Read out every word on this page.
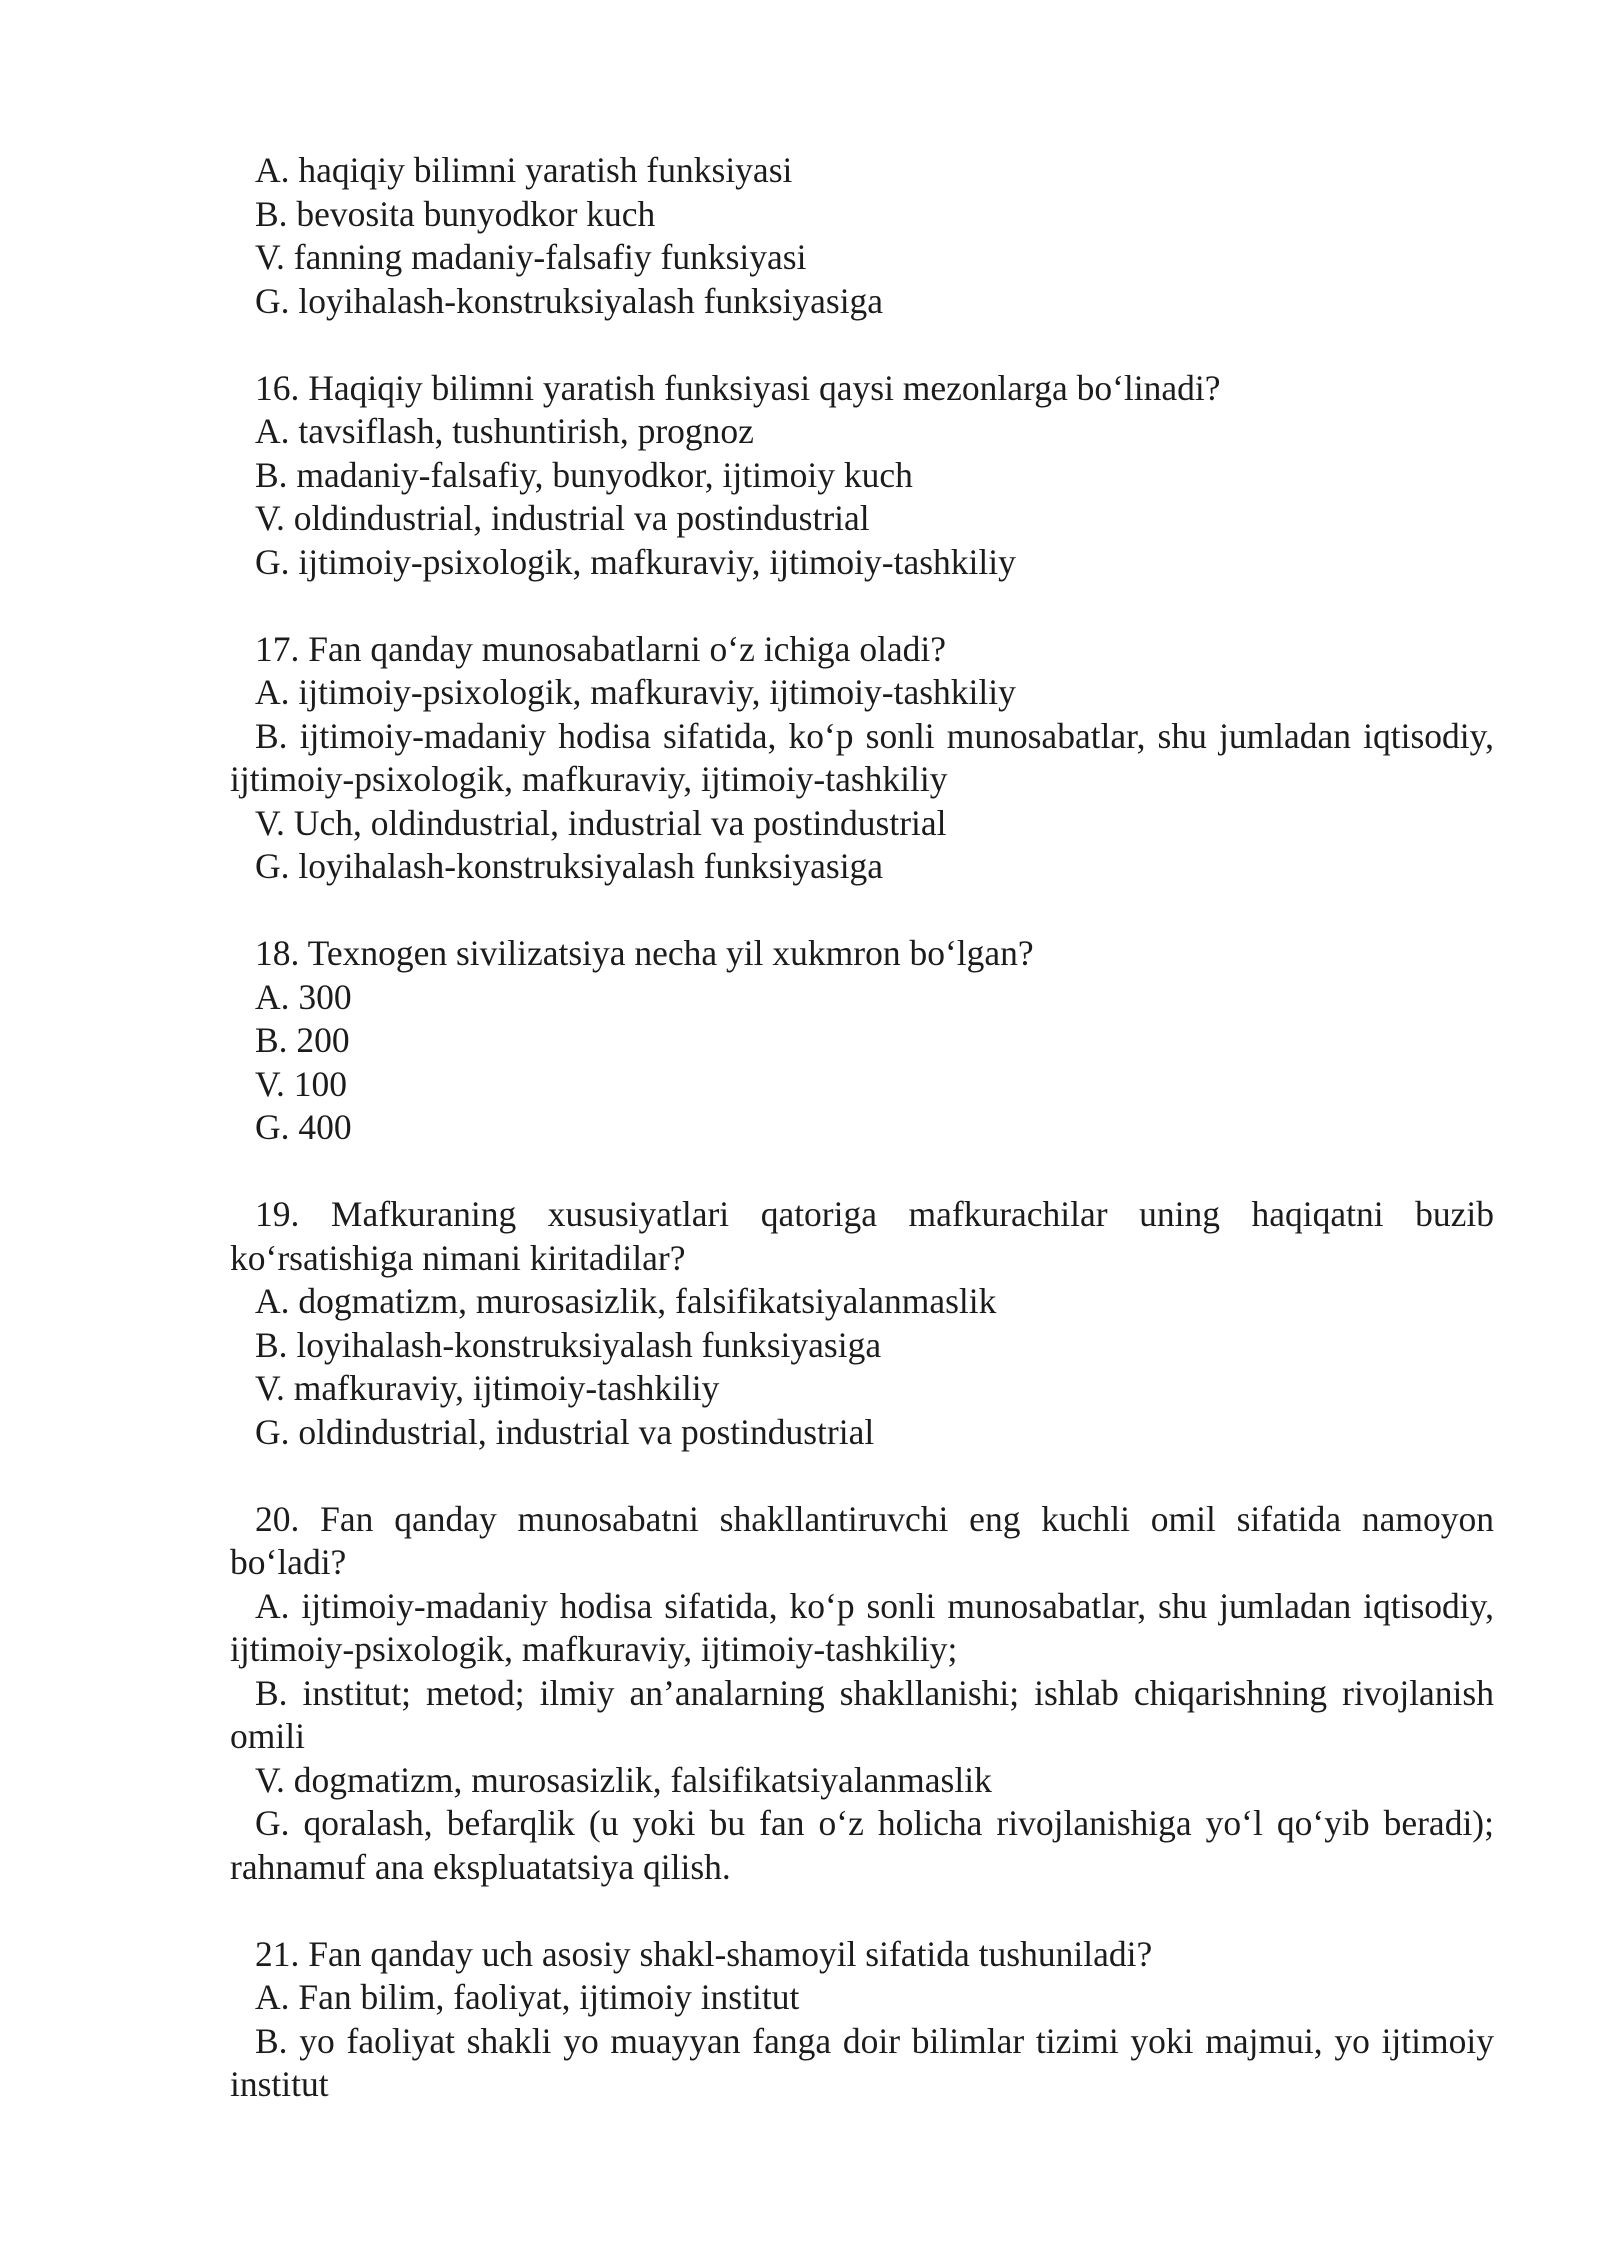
A. haqiqiy bilimni yaratish funksiyasi

B. bevosita bunyodkor kuch

V. fanning madaniy-falsafiy funksiyasi

G. loyihalash-konstruksiyalash funksiyasiga

16. Haqiqiy bilimni yaratish funksiyasi qaysi mezonlarga bo‘linadi?

A. tavsiflash, tushuntirish, prognoz

B. madaniy-falsafiy, bunyodkor, ijtimoiy kuch

V. oldindustrial, industrial va postindustrial

G. ijtimoiy-psixologik, mafkuraviy, ijtimoiy-tashkiliy

17. Fan qanday munosabatlarni o‘z ichiga oladi?

A. ijtimoiy-psixologik, mafkuraviy, ijtimoiy-tashkiliy

B. ijtimoiy-madaniy hodisa sifatida, ko‘p sonli munosabatlar, shu jumladan iqtisodiy, ijtimoiy-psixologik, mafkuraviy, ijtimoiy-tashkiliy

V. Uch, oldindustrial, industrial va postindustrial

G. loyihalash-konstruksiyalash funksiyasiga

18. Texnogen sivilizatsiya necha yil xukmron bo‘lgan?

A. 300

B. 200

V. 100

G. 400

19. Mafkuraning xususiyatlari qatoriga mafkurachilar uning haqiqatni buzib ko‘rsatishiga nimani kiritadilar?

A. dogmatizm, murosasizlik, falsifikatsiyalanmaslik

B. loyihalash-konstruksiyalash funksiyasiga

V. mafkuraviy, ijtimoiy-tashkiliy

G. oldindustrial, industrial va postindustrial

20. Fan qanday munosabatni shakllantiruvchi eng kuchli omil sifatida namoyon bo‘ladi?

A. ijtimoiy-madaniy hodisa sifatida, ko‘p sonli munosabatlar, shu jumladan iqtisodiy, ijtimoiy-psixologik, mafkuraviy, ijtimoiy-tashkiliy;

B. institut; metod; ilmiy an’analarning shakllanishi; ishlab chiqarishning rivojlanish omili

V. dogmatizm, murosasizlik, falsifikatsiyalanmaslik

G. qoralash, befarqlik (u yoki bu fan o‘z holicha rivojlanishiga yo‘l qo‘yib beradi); rahnamuf ana ekspluatatsiya qilish.

21. Fan qanday uch asosiy shakl-shamoyil sifatida tushuniladi?

A. Fan bilim, faoliyat, ijtimoiy institut

B. yo faoliyat shakli yo muayyan fanga doir bilimlar tizimi yoki majmui, yo ijtimoiy institut
